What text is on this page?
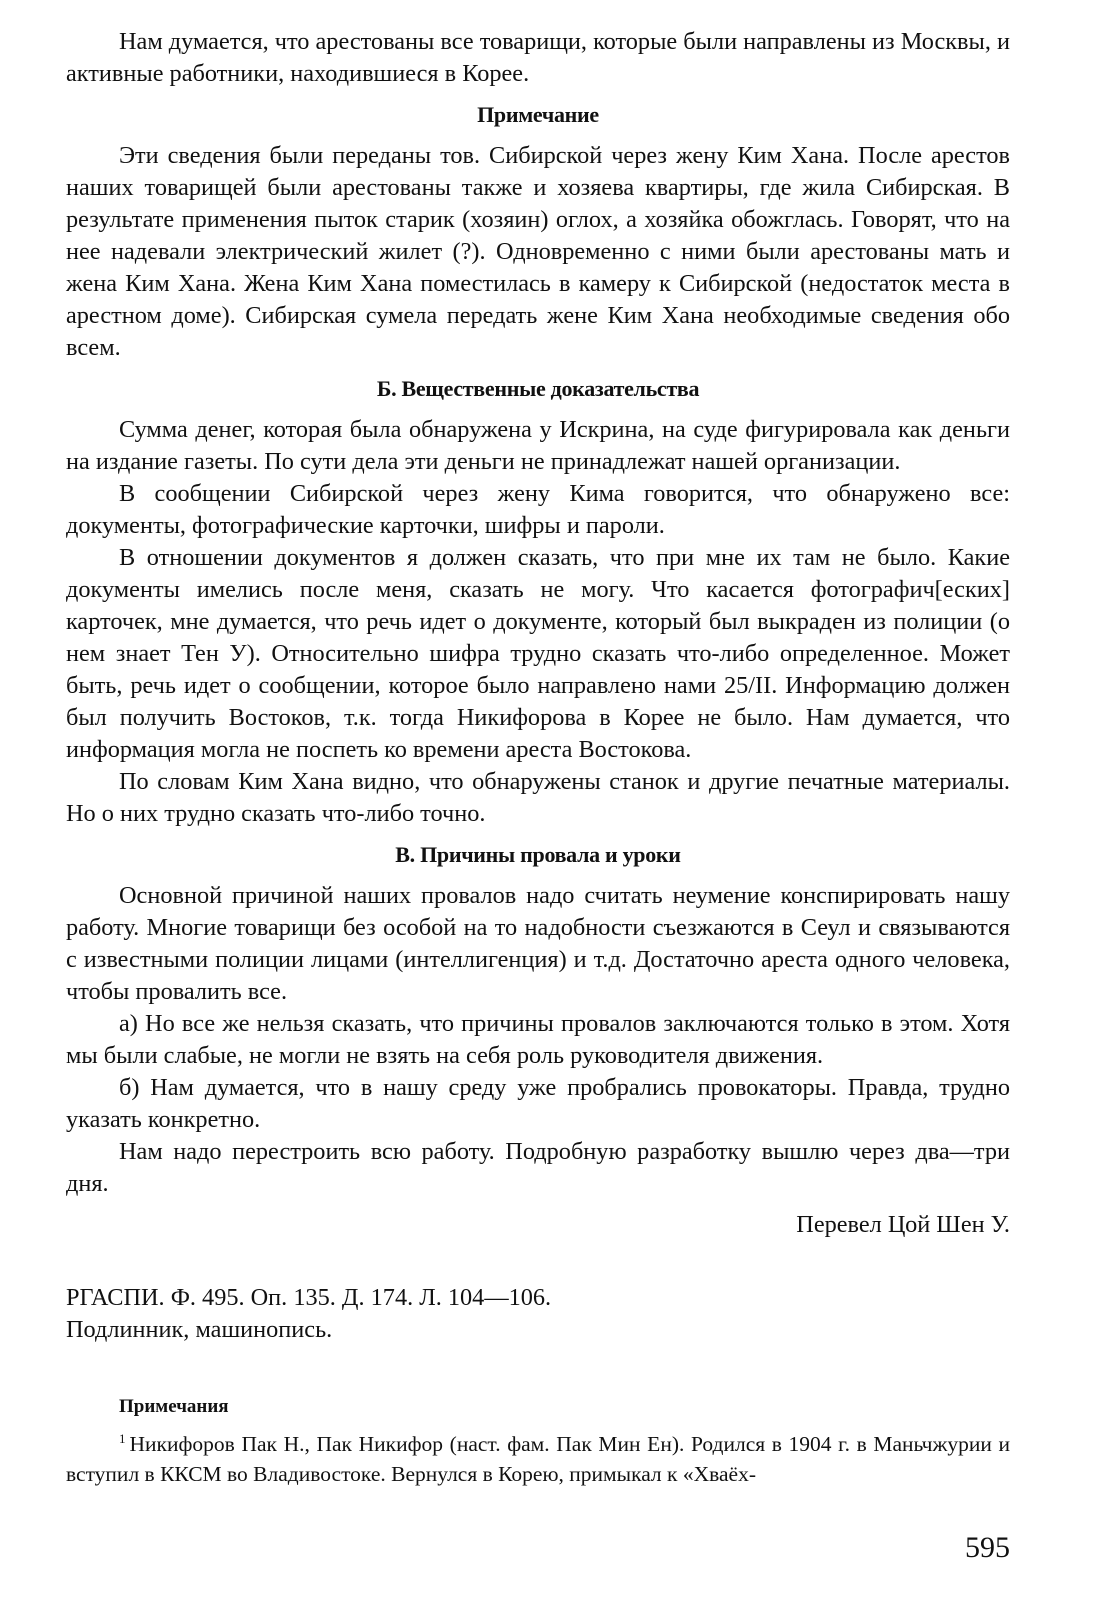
Нам думается, что арестованы все товарищи, которые были направлены из Москвы, и активные работники, находившиеся в Корее.

Примечание

Эти сведения были переданы тов. Сибирской через жену Ким Хана. После арестов наших товарищей были арестованы также и хозяева квартиры, где жила Сибирская. В результате применения пыток старик (хозяин) оглох, а хозяйка обожглась. Говорят, что на нее надевали электрический жилет (?). Одновременно с ними были арестованы мать и жена Ким Хана. Жена Ким Хана поместилась в камеру к Сибирской (недостаток места в арестном доме). Сибирская сумела передать жене Ким Хана необходимые сведения обо всем.

Б. Вещественные доказательства

Сумма денег, которая была обнаружена у Искрина, на суде фигурировала как деньги на издание газеты. По сути дела эти деньги не принадлежат нашей организации.

В сообщении Сибирской через жену Кима говорится, что обнаружено все: документы, фотографические карточки, шифры и пароли.

В отношении документов я должен сказать, что при мне их там не было. Какие документы имелись после меня, сказать не могу. Что касается фотографич[еских] карточек, мне думается, что речь идет о документе, который был выкраден из полиции (о нем знает Тен У). Относительно шифра трудно сказать что-либо определенное. Может быть, речь идет о сообщении, которое было направлено нами 25/II. Информацию должен был получить Востоков, т.к. тогда Никифорова в Корее не было. Нам думается, что информация могла не поспеть ко времени ареста Востокова.

По словам Ким Хана видно, что обнаружены станок и другие печатные материалы. Но о них трудно сказать что-либо точно.

В. Причины провала и уроки

Основной причиной наших провалов надо считать неумение конспирировать нашу работу. Многие товарищи без особой на то надобности съезжаются в Сеул и связываются с известными полиции лицами (интеллигенция) и т.д. Достаточно ареста одного человека, чтобы провалить все.

а) Но все же нельзя сказать, что причины провалов заключаются только в этом. Хотя мы были слабые, не могли не взять на себя роль руководителя движения.

б) Нам думается, что в нашу среду уже пробрались провокаторы. Правда, трудно указать конкретно.

Нам надо перестроить всю работу. Подробную разработку вышлю через два—три дня.

Перевел Цой Шен У.
РГАСПИ. Ф. 495. Оп. 135. Д. 174. Л. 104—106.
Подлинник, машинопись.
Примечания

$^1$ Никифоров Пак Н., Пак Никифор (наст. фам. Пак Мин Ен). Родился в 1904 г. в Маньчжурии и вступил в ККСМ во Владивостоке. Вернулся в Корею, примыкал к «Хваёх-

595
